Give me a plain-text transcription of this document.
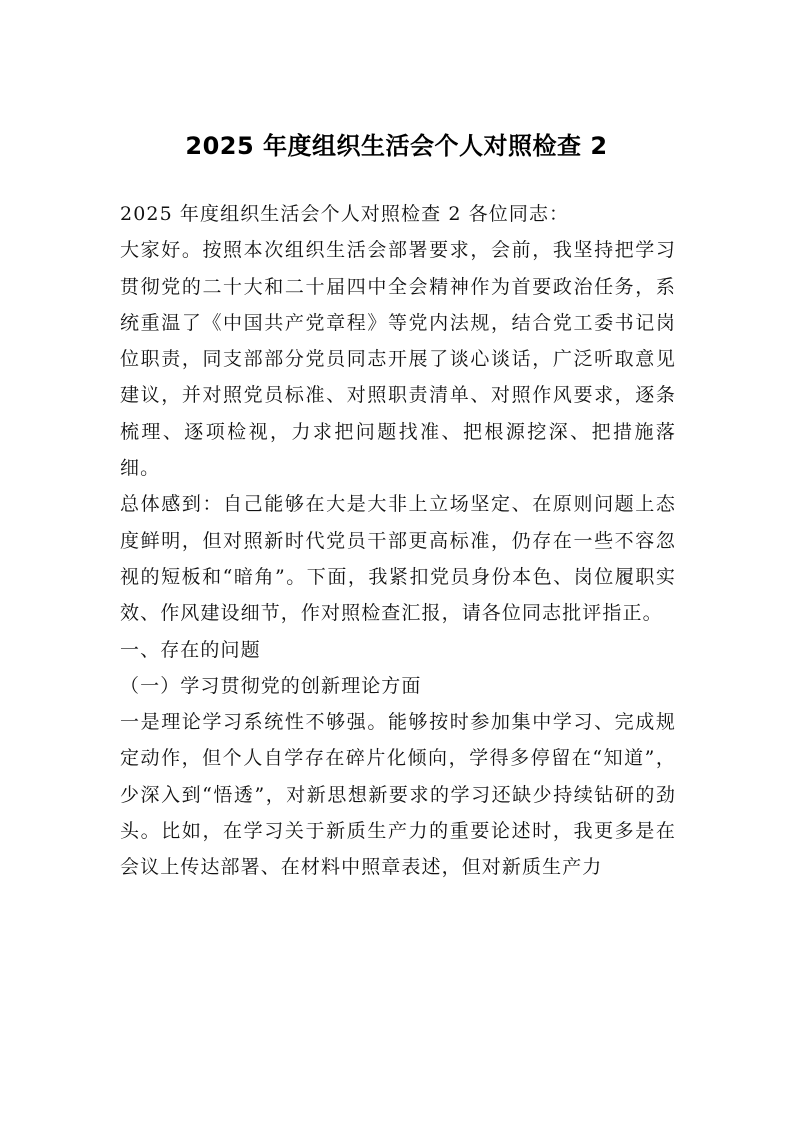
2025 年度组织生活会个人对照检查 2

2025 年度组织生活会个人对照检查 2 各位同志：

大家好。按照本次组织生活会部署要求，会前，我坚持把学习贯彻党的二十大和二十届四中全会精神作为首要政治任务，系统重温了《中国共产党章程》等党内法规，结合党工委书记岗位职责，同支部部分党员同志开展了谈心谈话，广泛听取意见建议，并对照党员标准、对照职责清单、对照作风要求，逐条梳理、逐项检视，力求把问题找准、把根源挖深、把措施落细。

总体感到：自己能够在大是大非上立场坚定、在原则问题上态度鲜明，但对照新时代党员干部更高标准，仍存在一些不容忽视的短板和“暗角”。下面，我紧扣党员身份本色、岗位履职实效、作风建设细节，作对照检查汇报，请各位同志批评指正。

一、存在的问题

（一）学习贯彻党的创新理论方面

一是理论学习系统性不够强。能够按时参加集中学习、完成规定动作，但个人自学存在碎片化倾向，学得多停留在“知道”，少深入到“悟透”，对新思想新要求的学习还缺少持续钻研的劲头。比如，在学习关于新质生产力的重要论述时，我更多是在会议上传达部署、在材料中照章表述，但对新质生产力
